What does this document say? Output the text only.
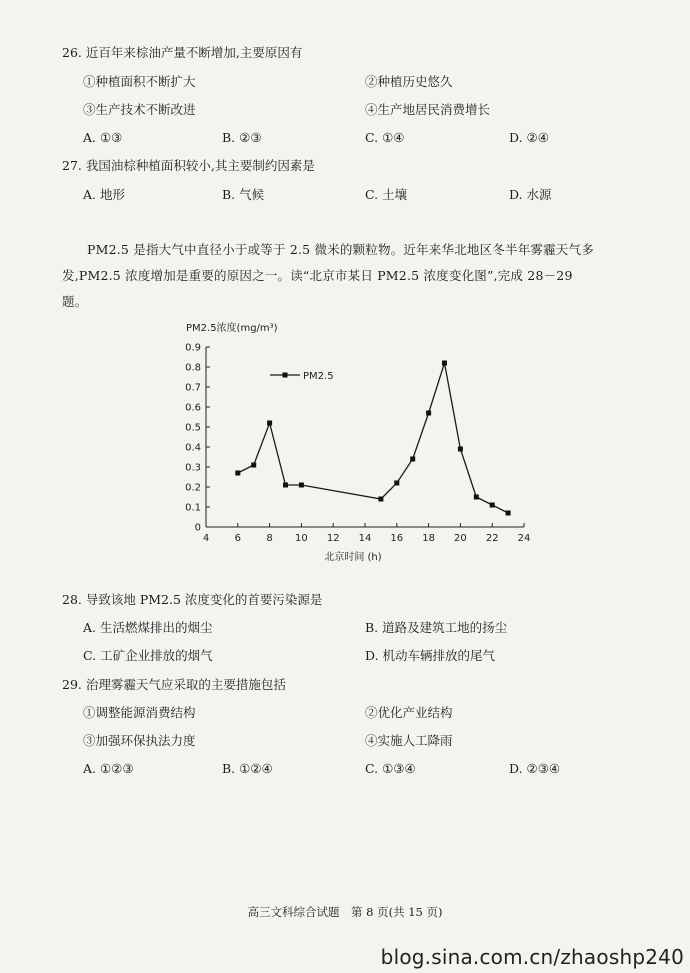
26. 近百年来棕油产量不断增加,主要原因有
①种植面积不断扩大	②种植历史悠久
③生产技术不断改进	④生产地居民消费增长
A. ①③	B. ②③	C. ①④	D. ②④
27. 我国油棕种植面积较小,其主要制约因素是
A. 地形	B. 气候	C. 土壤	D. 水源
PM2.5 是指大气中直径小于或等于 2.5 微米的颗粒物。近年来华北地区冬半年雾霾天气多发,PM2.5 浓度增加是重要的原因之一。读“北京市某日 PM2.5 浓度变化图”,完成 28－29 题。
0
0.1
0.2
0.3
0.4
0.5
0.6
0.7
0.8
0.9
4	6	8 10 12 14 16 18 20 22 24
PM2.5浓度(mg/m³)
北京时间 (h)
PM2.5
28. 导致该地 PM2.5 浓度变化的首要污染源是
A. 生活燃煤排出的烟尘	B. 道路及建筑工地的扬尘
C. 工矿企业排放的烟气	D. 机动车辆排放的尾气
29. 治理雾霾天气应采取的主要措施包括
①调整能源消费结构	②优化产业结构
③加强环保执法力度	④实施人工降雨
A. ①②③	B. ①②④	C. ①③④	D. ②③④
高三文科综合试题　第 8 页(共 15 页)
blog.sina.com.cn/zhaoshp240
